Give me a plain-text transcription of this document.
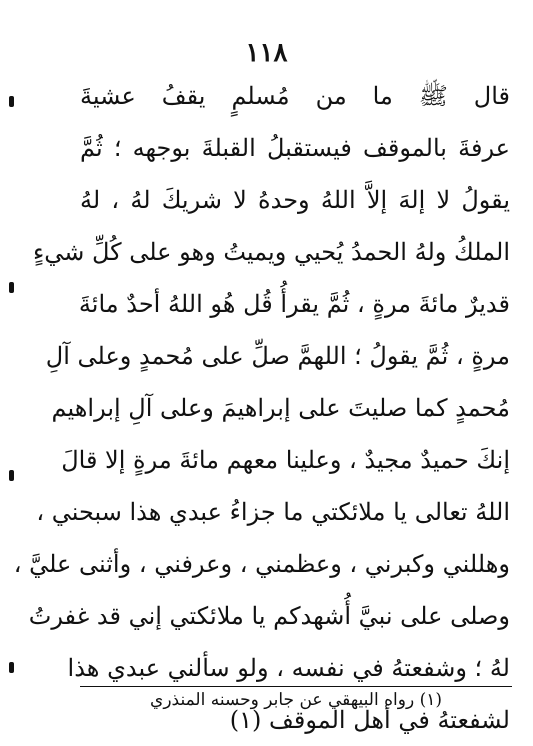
١١٨
قال ﷺ ما من مُسلمٍ يقفُ عشيةَ
عرفةَ بالموقف فيستقبلُ القبلةَ بوجهه ؛ ثُمَّ
يقولُ لا إلهَ إلاَّ اللهُ وحدهُ لا شريكَ لهُ ، لهُ
الملكُ ولهُ الحمدُ يُحيي ويميتُ وهو على كُلِّ شيءٍ
قديرٌ مائةَ مرةٍ ، ثُمَّ يقرأُ قُل هُو اللهُ أحدٌ مائةَ
مرةٍ ، ثُمَّ يقولُ ؛ اللهمَّ صلِّ على مُحمدٍ وعلى آلِ
مُحمدٍ كما صليتَ على إبراهيمَ وعلى آلِ إبراهيم
إنكَ حميدٌ مجيدٌ ، وعلينا معهم مائةَ مرةٍ إلا قالَ
اللهُ تعالى يا ملائكتي ما جزاءُ عبدي هذا سبحني ،
وهللني وكبرني ، وعظمني ، وعرفني ، وأثنى عليَّ ،
وصلى على نبيَّ أُشهدكم يا ملائكتي إني قد غفرتُ
لهُ ؛ وشفعتهُ في نفسه ، ولو سألني عبدي هذا
لشفعتهُ في أهل الموقف (١)
(١) رواه البيهقي عن جابر وحسنه المنذري
